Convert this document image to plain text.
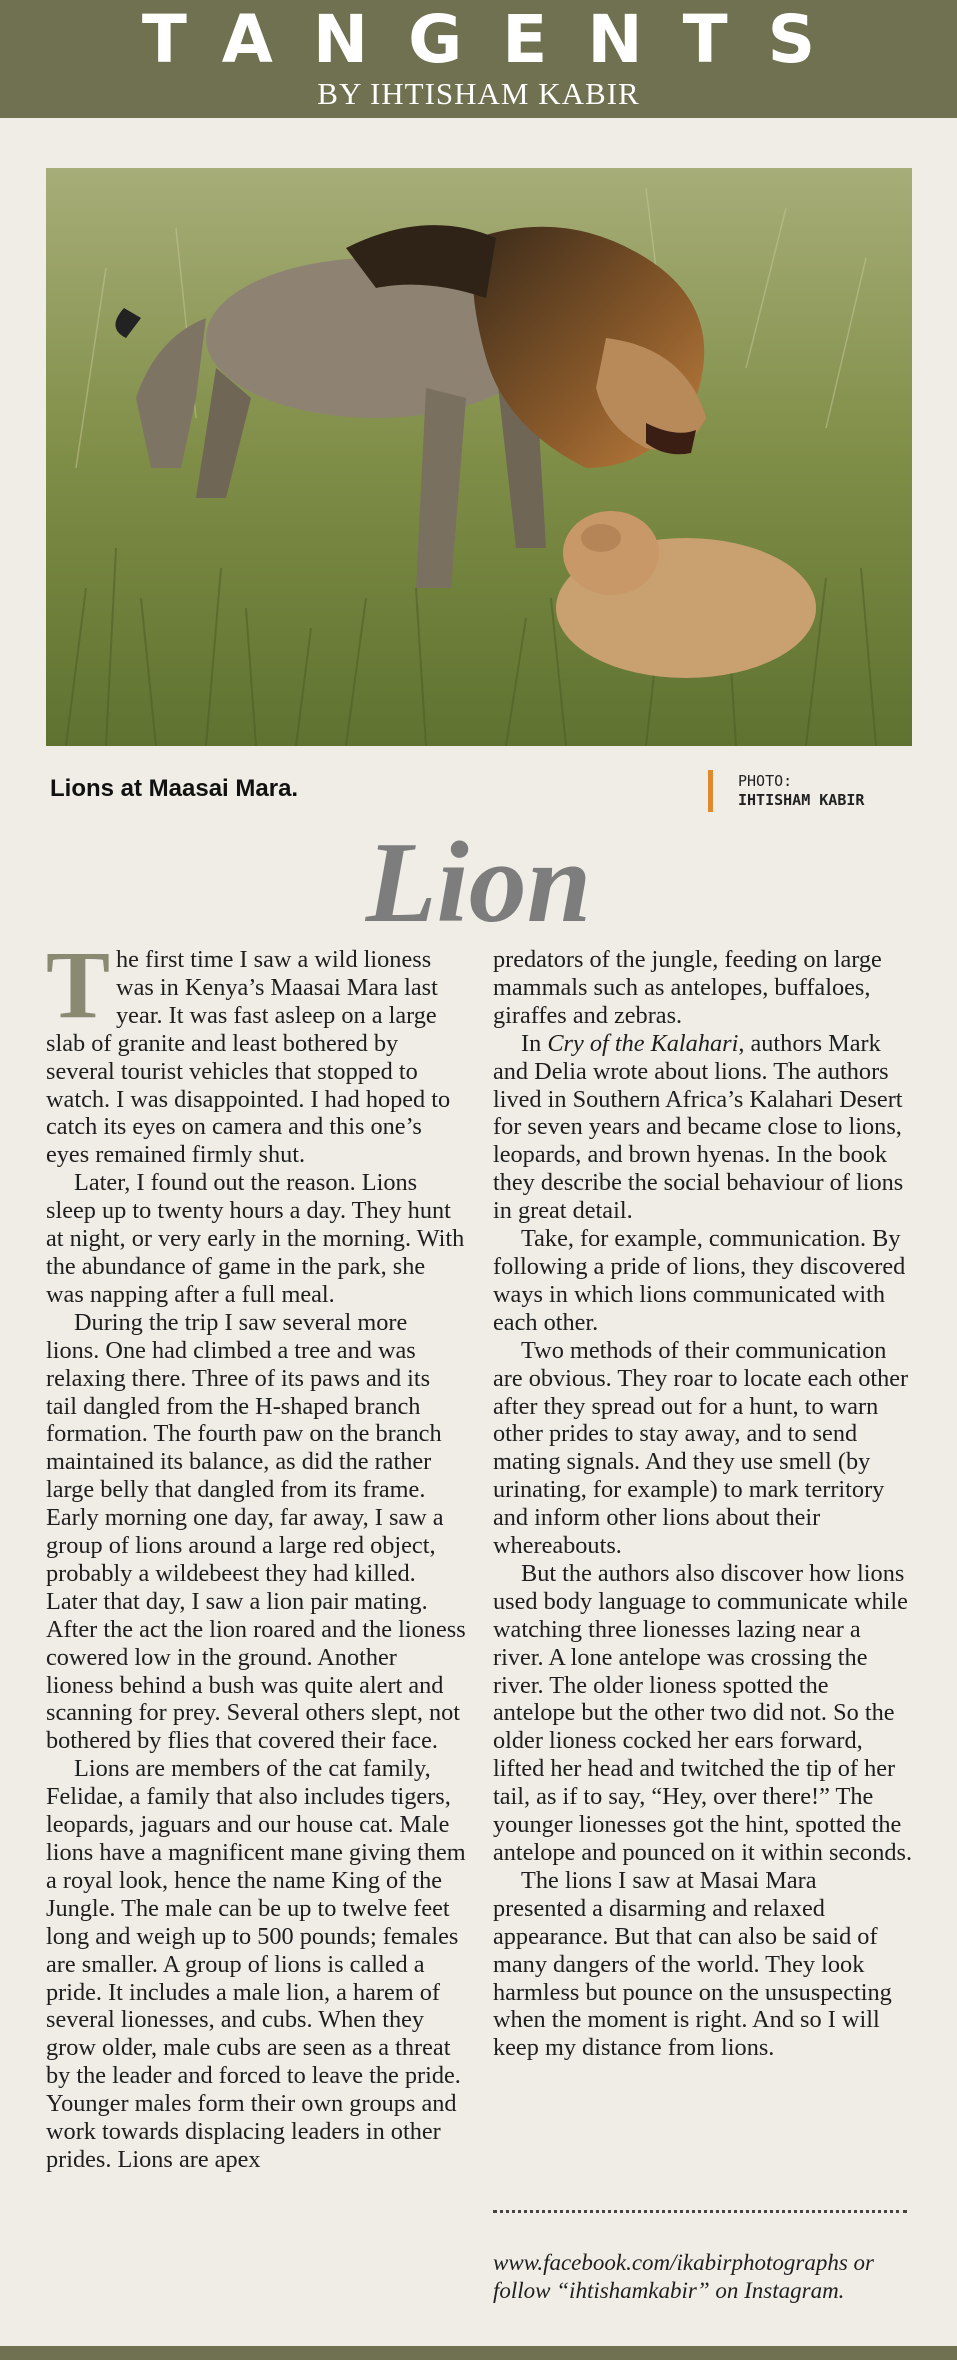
TANGENTS
BY IHTISHAM KABIR
Lions at Maasai Mara.	PHOTO:
IHTISHAM KABIR
Lion

The first time I saw a wild lioness was in Kenya’s Maasai Mara last year. It was fast asleep on a large slab of granite and least bothered by several tourist vehicles that stopped to watch. I was disappointed. I had hoped to catch its eyes on camera and this one’s eyes remained firmly shut.

Later, I found out the reason. Lions sleep up to twenty hours a day. They hunt at night, or very early in the morning. With the abundance of game in the park, she was napping after a full meal.

During the trip I saw several more lions. One had climbed a tree and was relaxing there. Three of its paws and its tail dangled from the H-shaped branch formation. The fourth paw on the branch maintained its balance, as did the rather large belly that dangled from its frame. Early morning one day, far away, I saw a group of lions around a large red object, probably a wildebeest they had killed. Later that day, I saw a lion pair mating. After the act the lion roared and the lioness cowered low in the ground. Another lioness behind a bush was quite alert and scanning for prey. Several others slept, not bothered by flies that covered their face.

Lions are members of the cat family, Felidae, a family that also includes tigers, leopards, jaguars and our house cat. Male lions have a magnificent mane giving them a royal look, hence the name King of the Jungle. The male can be up to twelve feet long and weigh up to 500 pounds; females are smaller. A group of lions is called a pride. It includes a male lion, a harem of several lionesses, and cubs. When they grow older, male cubs are seen as a threat by the leader and forced to leave the pride. Younger males form their own groups and work towards displacing leaders in other prides. Lions are apex

predators of the jungle, feeding on large mammals such as antelopes, buffaloes, giraffes and zebras.

In Cry of the Kalahari, authors Mark and Delia wrote about lions. The authors lived in Southern Africa’s Kalahari Desert for seven years and became close to lions, leopards, and brown hyenas. In the book they describe the social behaviour of lions in great detail.

Take, for example, communication. By following a pride of lions, they discovered ways in which lions communicated with each other.

Two methods of their communication are obvious. They roar to locate each other after they spread out for a hunt, to warn other prides to stay away, and to send mating signals. And they use smell (by urinating, for example) to mark territory and inform other lions about their whereabouts.

But the authors also discover how lions used body language to communicate while watching three lionesses lazing near a river. A lone antelope was crossing the river. The older lioness spotted the antelope but the other two did not. So the older lioness cocked her ears forward, lifted her head and twitched the tip of her tail, as if to say, “Hey, over there!” The younger lionesses got the hint, spotted the antelope and pounced on it within seconds.

The lions I saw at Masai Mara presented a disarming and relaxed appearance. But that can also be said of many dangers of the world. They look harmless but pounce on the unsuspecting when the moment is right. And so I will keep my distance from lions.

www.facebook.com/ikabirphotographs or follow “ihtishamkabir” on Instagram.
